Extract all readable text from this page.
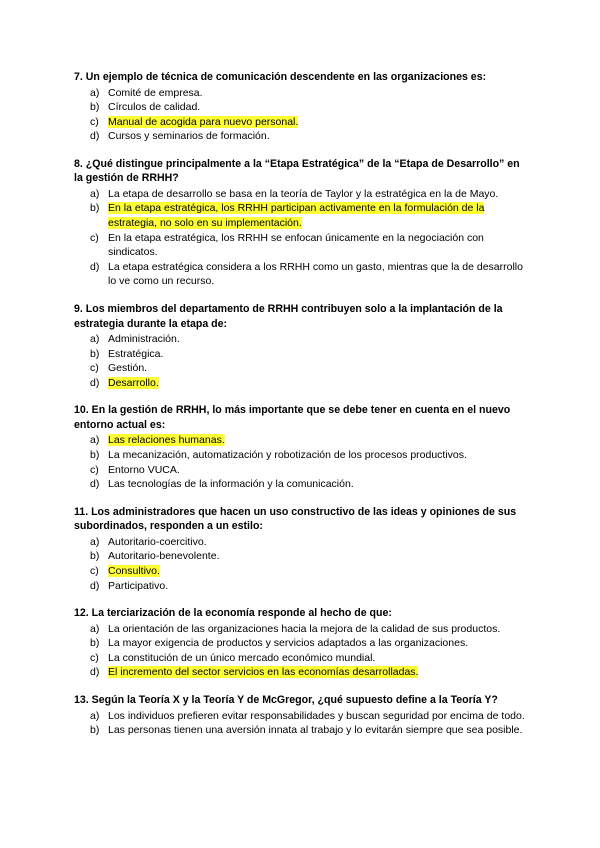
7. Un ejemplo de técnica de comunicación descendente en las organizaciones es:
a) Comité de empresa.
b) Círculos de calidad.
c) Manual de acogida para nuevo personal.
d) Cursos y seminarios de formación.
8. ¿Qué distingue principalmente a la “Etapa Estratégica” de la “Etapa de Desarrollo” en la gestión de RRHH?
a) La etapa de desarrollo se basa en la teoría de Taylor y la estratégica en la de Mayo.
b) En la etapa estratégica, los RRHH participan activamente en la formulación de la estrategia, no solo en su implementación.
c) En la etapa estratégica, los RRHH se enfocan únicamente en la negociación con sindicatos.
d) La etapa estratégica considera a los RRHH como un gasto, mientras que la de desarrollo lo ve como un recurso.
9. Los miembros del departamento de RRHH contribuyen solo a la implantación de la estrategia durante la etapa de:
a) Administración.
b) Estratégica.
c) Gestión.
d) Desarrollo.
10. En la gestión de RRHH, lo más importante que se debe tener en cuenta en el nuevo entorno actual es:
a) Las relaciones humanas.
b) La mecanización, automatización y robotización de los procesos productivos.
c) Entorno VUCA.
d) Las tecnologías de la información y la comunicación.
11. Los administradores que hacen un uso constructivo de las ideas y opiniones de sus subordinados, responden a un estilo:
a) Autoritario-coercitivo.
b) Autoritario-benevolente.
c) Consultivo.
d) Participativo.
12. La terciarización de la economía responde al hecho de que:
a) La orientación de las organizaciones hacia la mejora de la calidad de sus productos.
b) La mayor exigencia de productos y servicios adaptados a las organizaciones.
c) La constitución de un único mercado económico mundial.
d) El incremento del sector servicios en las economías desarrolladas.
13. Según la Teoría X y la Teoría Y de McGregor, ¿qué supuesto define a la Teoría Y?
a) Los individuos prefieren evitar responsabilidades y buscan seguridad por encima de todo.
b) Las personas tienen una aversión innata al trabajo y lo evitarán siempre que sea posible.
